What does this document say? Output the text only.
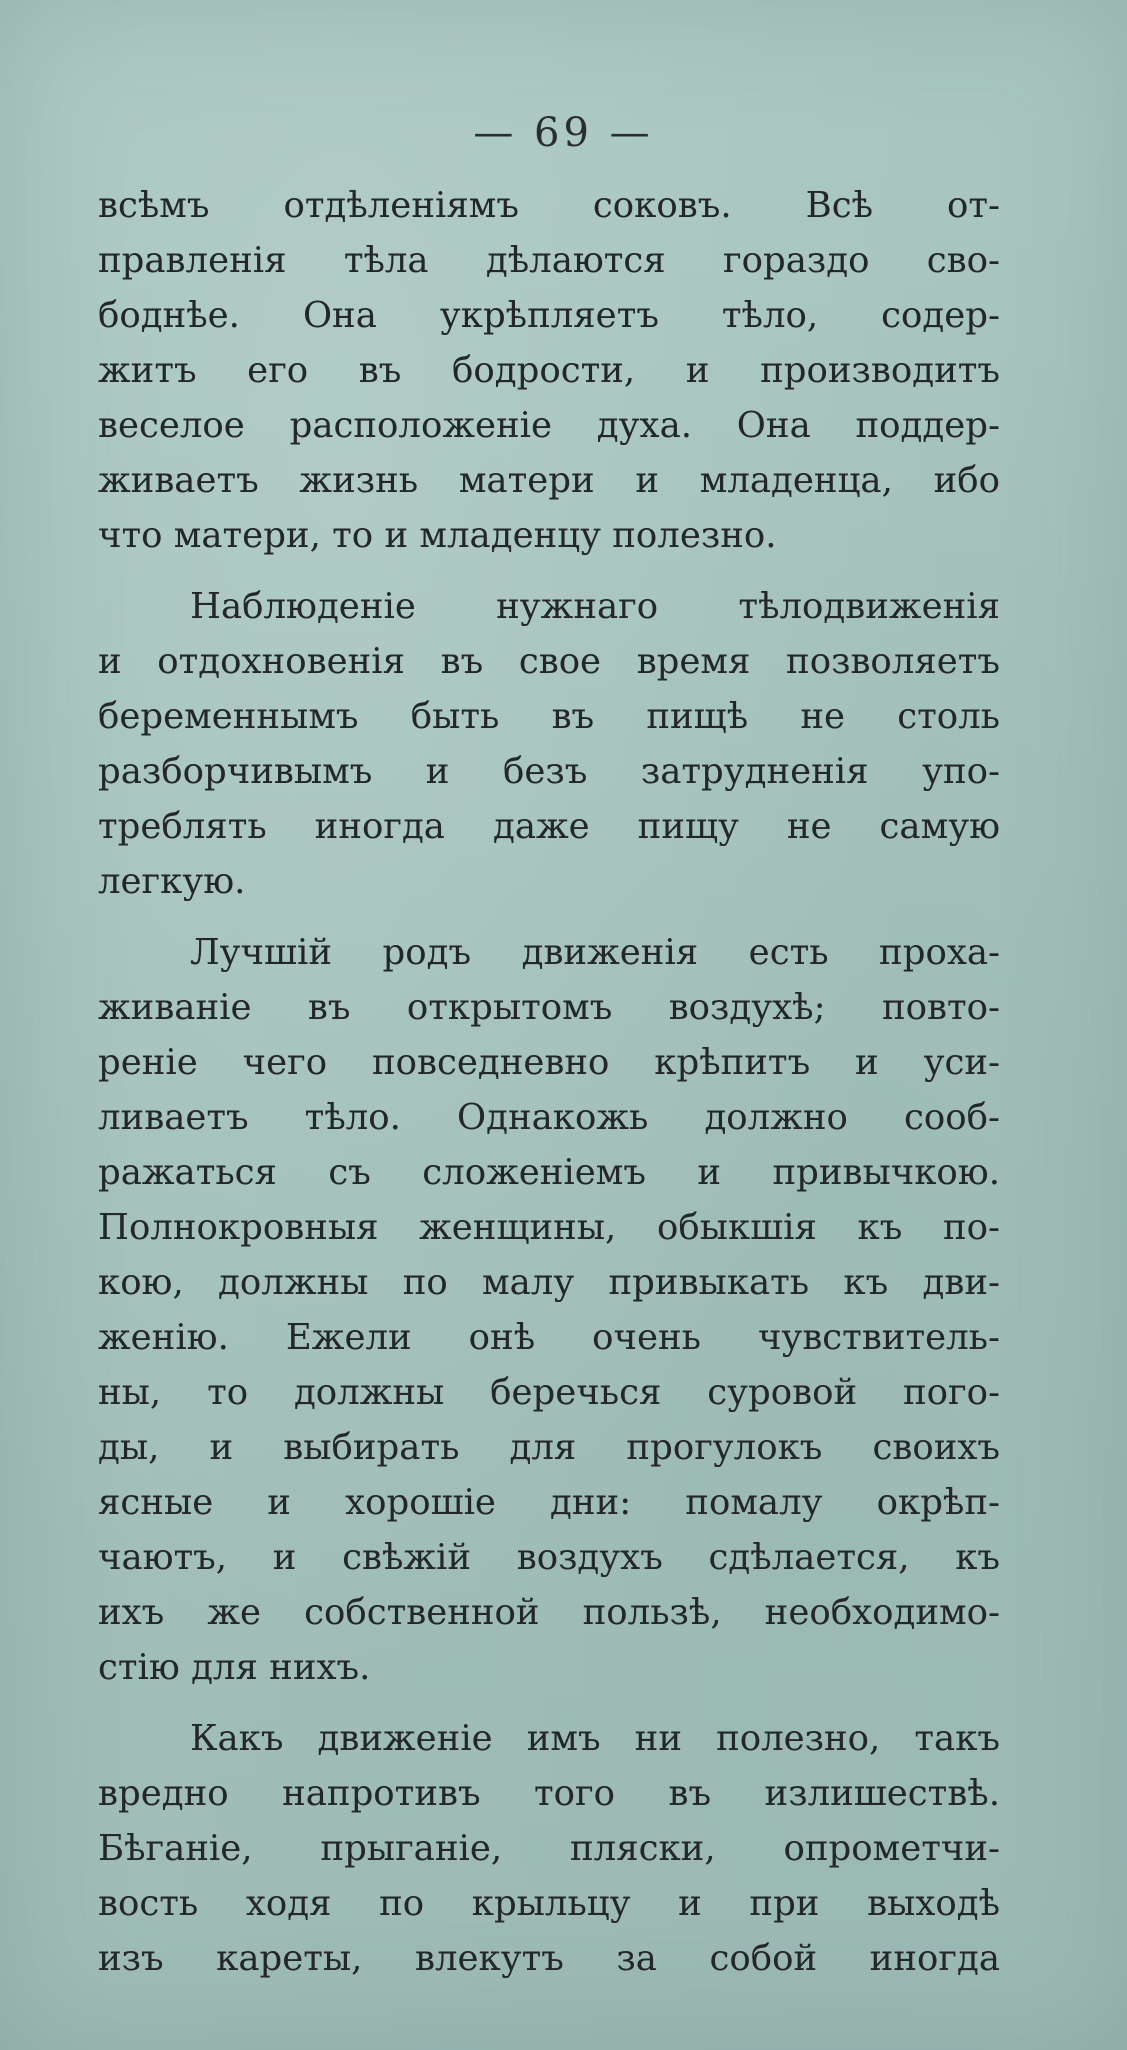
— 69 —
всѣмъ отдѣленіямъ соковъ. Всѣ от-
правленія тѣла дѣлаются гораздо сво-
боднѣе. Она укрѣпляетъ тѣло, содер-
житъ его въ бодрости, и производитъ
веселое расположеніе духа. Она поддер-
живаетъ жизнь матери и младенца, ибо
что матери, то и младенцу полезно.
Наблюденіе нужнаго тѣлодвиженія
и отдохновенія въ свое время позволяетъ
беременнымъ быть въ пищѣ не столь
разборчивымъ и безъ затрудненія упо-
треблять иногда даже пищу не самую
легкую.
Лучшій родъ движенія есть проха-
живаніе въ открытомъ воздухѣ; повто-
реніе чего повседневно крѣпитъ и уси-
ливаетъ тѣло. Однакожь должно сооб-
ражаться съ сложеніемъ и привычкою.
Полнокровныя женщины, обыкшія къ по-
кою, должны по малу привыкать къ дви-
женію. Ежели онѣ очень чувствитель-
ны, то должны беречься суровой пого-
ды, и выбирать для прогулокъ своихъ
ясные и хорошіе дни: помалу окрѣп-
чаютъ, и свѣжій воздухъ сдѣлается, къ
ихъ же собственной пользѣ, необходимо-
стію для нихъ.
Какъ движеніе имъ ни полезно, такъ
вредно напротивъ того въ излишествѣ.
Бѣганіе, прыганіе, пляски, опрометчи-
вость ходя по крыльцу и при выходѣ
изъ кареты, влекутъ за собой иногда
